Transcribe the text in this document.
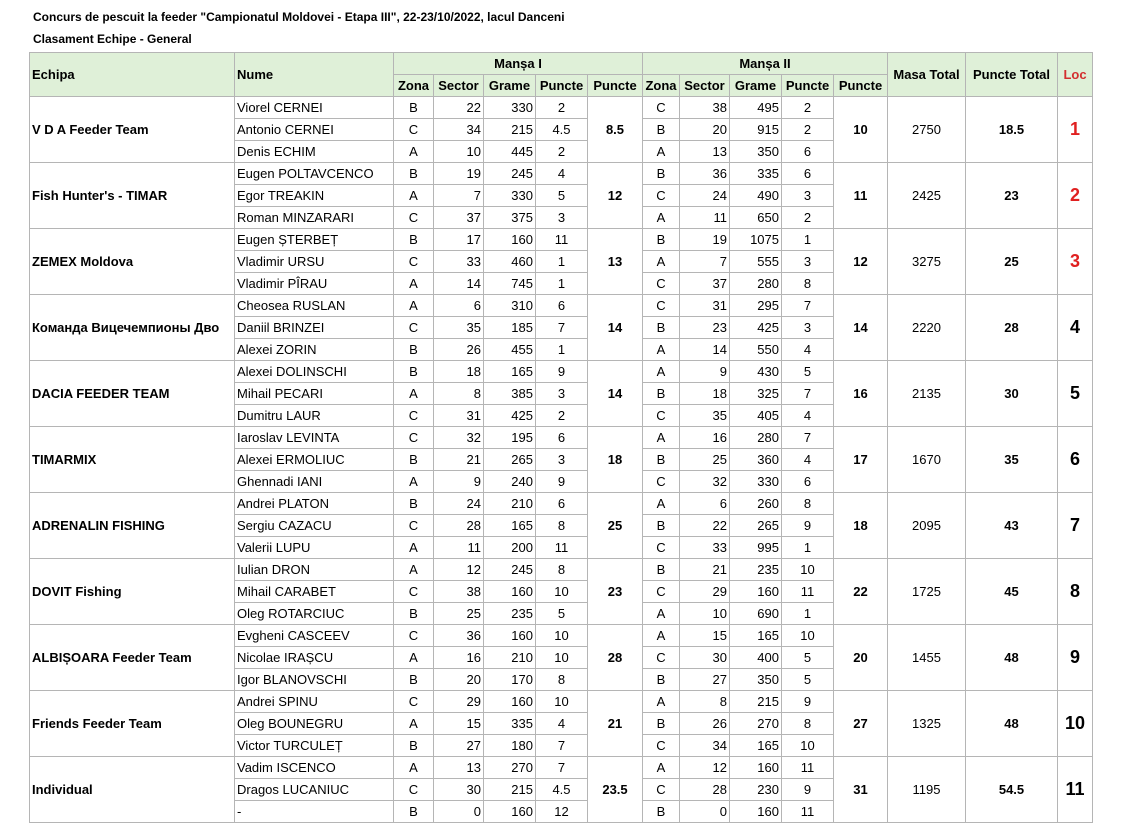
Concurs de pescuit la feeder "Campionatul Moldovei - Etapa III", 22-23/10/2022, lacul Danceni
Clasament Echipe - General
Echipa	Nume	Manșa I					Manșa II					Masa Total	Puncte Total	Loc
		Zona	Sector	Grame	Puncte	Puncte	Zona	Sector	Grame	Puncte	Puncte			
V D A Feeder Team	Viorel CERNEI	B	22	330	2	8.5	C	38	495	2	10	2750	18.5	1
	Antonio CERNEI	C	34	215	4.5		B	20	915	2				
	Denis ECHIM	A	10	445	2		A	13	350	6				
Fish Hunter's - TIMAR	Eugen POLTAVCENCO	B	19	245	4	12	B	36	335	6	11	2425	23	2
	Egor TREAKIN	A	7	330	5		C	24	490	3				
	Roman MINZARARI	C	37	375	3		A	11	650	2				
ZEMEX Moldova	Eugen ȘTERBEȚ	B	17	160	11	13	B	19	1075	1	12	3275	25	3
	Vladimir URSU	C	33	460	1		A	7	555	3				
	Vladimir PÎRAU	A	14	745	1		C	37	280	8				
Команда Вицечемпионы Дво	Cheosea RUSLAN	A	6	310	6	14	C	31	295	7	14	2220	28	4
	Daniil BRINZEI	C	35	185	7		B	23	425	3				
	Alexei ZORIN	B	26	455	1		A	14	550	4				
DACIA FEEDER TEAM	Alexei DOLINSCHI	B	18	165	9	14	A	9	430	5	16	2135	30	5
	Mihail PECARI	A	8	385	3		B	18	325	7				
	Dumitru LAUR	C	31	425	2		C	35	405	4				
TIMARMIX	Iaroslav LEVINTA	C	32	195	6	18	A	16	280	7	17	1670	35	6
	Alexei ERMOLIUC	B	21	265	3		B	25	360	4				
	Ghennadi IANI	A	9	240	9		C	32	330	6				
ADRENALIN FISHING	Andrei PLATON	B	24	210	6	25	A	6	260	8	18	2095	43	7
	Sergiu CAZACU	C	28	165	8		B	22	265	9				
	Valerii LUPU	A	11	200	11		C	33	995	1				
DOVIT Fishing	Iulian DRON	A	12	245	8	23	B	21	235	10	22	1725	45	8
	Mihail CARABET	C	38	160	10		C	29	160	11				
	Oleg ROTARCIUC	B	25	235	5		A	10	690	1				
ALBIȘOARA Feeder Team	Evgheni CASCEEV	C	36	160	10	28	A	15	165	10	20	1455	48	9
	Nicolae IRAȘCU	A	16	210	10		C	30	400	5				
	Igor BLANOVSCHI	B	20	170	8		B	27	350	5				
Friends Feeder Team	Andrei SPINU	C	29	160	10	21	A	8	215	9	27	1325	48	10
	Oleg BOUNEGRU	A	15	335	4		B	26	270	8				
	Victor TURCULEȚ	B	27	180	7		C	34	165	10				
Individual	Vadim ISCENCO	A	13	270	7	23.5	A	12	160	11	31	1195	54.5	11
	Dragos LUCANIUC	C	30	215	4.5		C	28	230	9				
	-	B	0	160	12		B	0	160	11				
